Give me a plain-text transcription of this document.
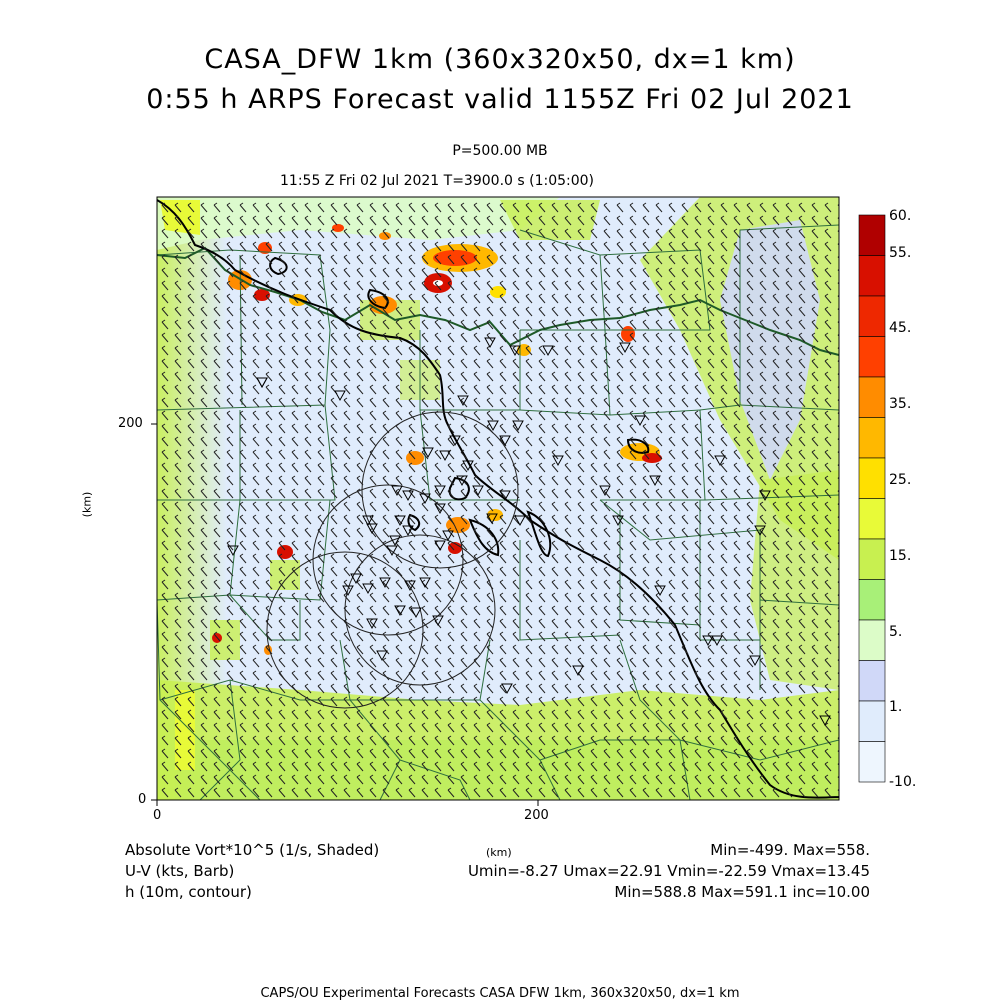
CASA_DFW 1km (360x320x50, dx=1 km)
0:55 h ARPS Forecast valid 1155Z Fri 02 Jul 2021
P=500.00 MB
11:55 Z Fri 02 Jul 2021 T=3900.0 s (1:05:00)
200
0
0	200
(km)
(km)
60.
55.
45.
35.
25.
15.
5.
1.
-10.
Absolute Vort*10^5 (1/s, Shaded)	Min=-499. Max=558.
U-V (kts, Barb)	Umin=-8.27 Umax=22.91 Vmin=-22.59 Vmax=13.45
h (10m, contour)	Min=588.8 Max=591.1 inc=10.00
CAPS/OU Experimental Forecasts CASA DFW 1km, 360x320x50, dx=1 km
